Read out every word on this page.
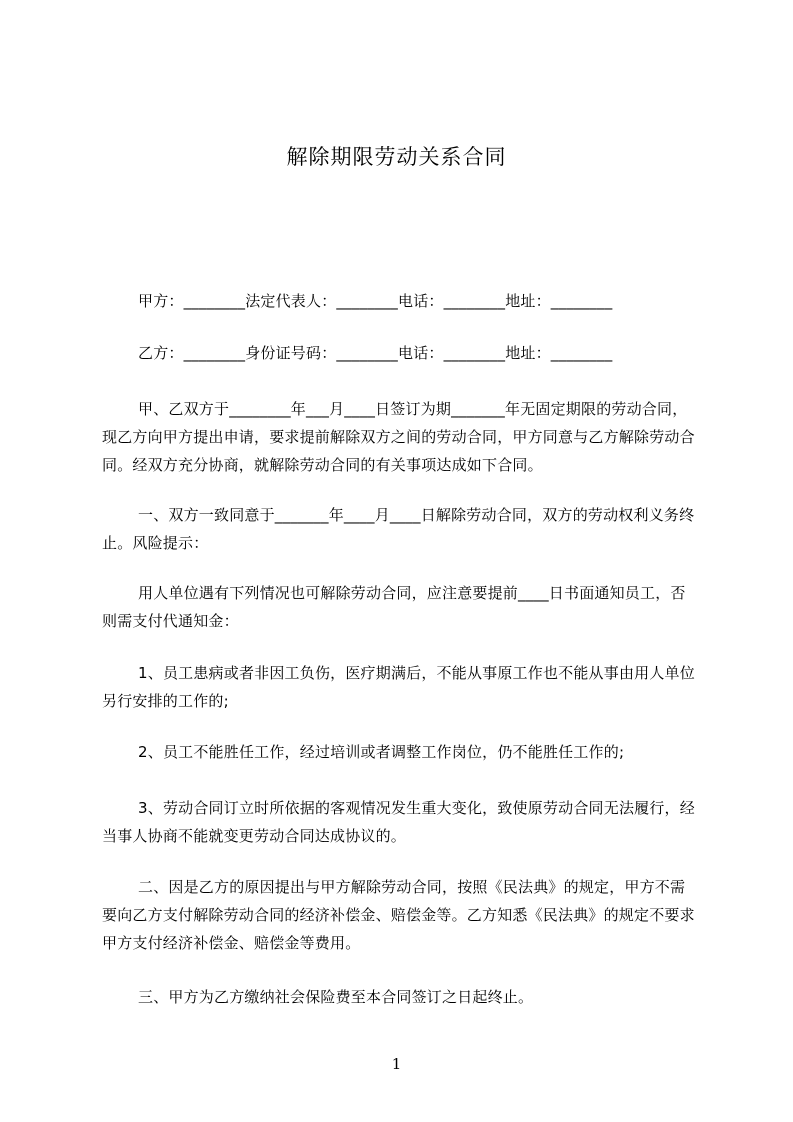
解除期限劳动关系合同
甲方：________法定代表人：________电话：________地址：________
乙方：________身份证号码：________电话：________地址：________
甲、乙双方于________年___月____日签订为期_______年无固定期限的劳动合同，现乙方向甲方提出申请，要求提前解除双方之间的劳动合同，甲方同意与乙方解除劳动合同。经双方充分协商，就解除劳动合同的有关事项达成如下合同。
一、双方一致同意于_______年____月____日解除劳动合同，双方的劳动权利义务终止。风险提示：
用人单位遇有下列情况也可解除劳动合同，应注意要提前____日书面通知员工，否则需支付代通知金：
1、员工患病或者非因工负伤，医疗期满后，不能从事原工作也不能从事由用人单位另行安排的工作的;
2、员工不能胜任工作，经过培训或者调整工作岗位，仍不能胜任工作的;
3、劳动合同订立时所依据的客观情况发生重大变化，致使原劳动合同无法履行，经当事人协商不能就变更劳动合同达成协议的。
二、因是乙方的原因提出与甲方解除劳动合同，按照《民法典》的规定，甲方不需要向乙方支付解除劳动合同的经济补偿金、赔偿金等。乙方知悉《民法典》的规定不要求甲方支付经济补偿金、赔偿金等费用。
三、甲方为乙方缴纳社会保险费至本合同签订之日起终止。
1
